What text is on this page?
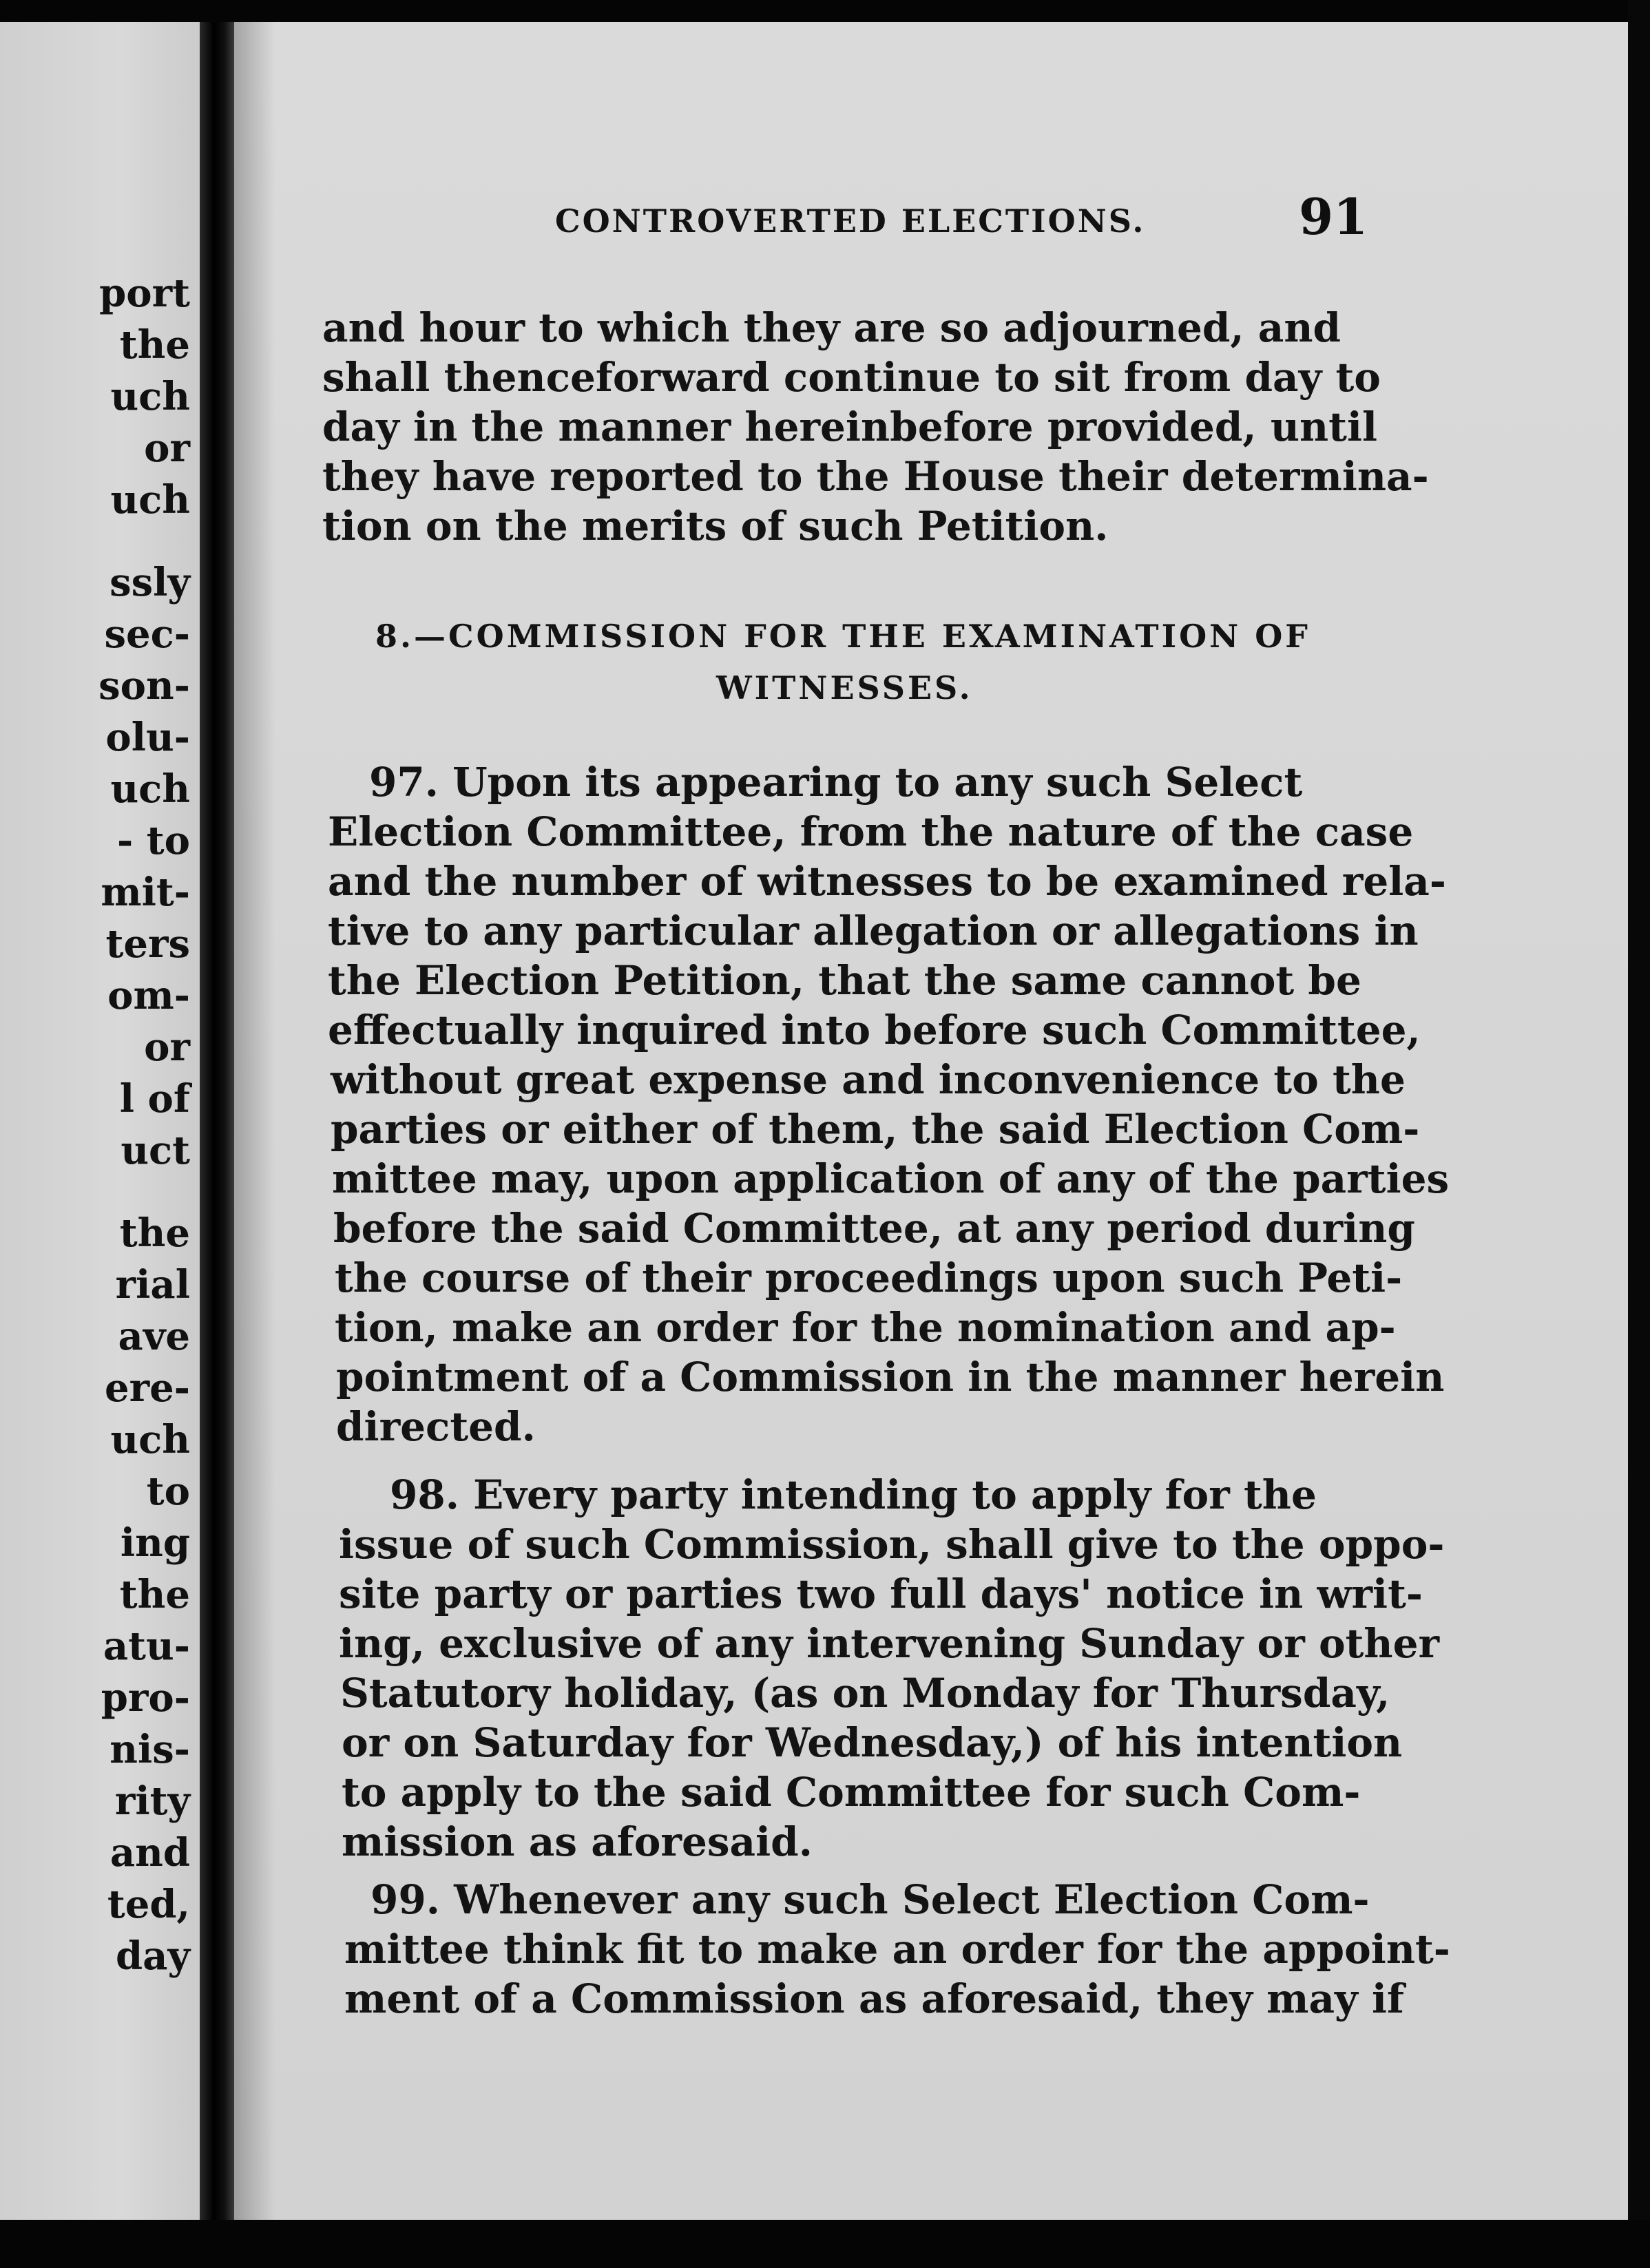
port
the
uch
or
uch
ssly
sec-
son-
olu-
uch
- to
mit-
ters
om-
or
l of
uct
the
rial
ave
ere-
uch
to
ing
the
atu-
pro-
nis-
rity
and
ted,
day
CONTROVERTED ELECTIONS.	91
and hour to which they are so adjourned, and
shall thenceforward continue to sit from day to
day in the manner hereinbefore provided, until
they have reported to the House their determina-
tion on the merits of such Petition.
8.—COMMISSION FOR THE EXAMINATION OF
WITNESSES.
97. Upon its appearing to any such Select
Election Committee, from the nature of the case
and the number of witnesses to be examined rela-
tive to any particular allegation or allegations in
the Election Petition, that the same cannot be
effectually inquired into before such Committee,
without great expense and inconvenience to the
parties or either of them, the said Election Com-
mittee may, upon application of any of the parties
before the said Committee, at any period during
the course of their proceedings upon such Peti-
tion, make an order for the nomination and ap-
pointment of a Commission in the manner herein
directed.
98. Every party intending to apply for the
issue of such Commission, shall give to the oppo-
site party or parties two full days' notice in writ-
ing, exclusive of any intervening Sunday or other
Statutory holiday, (as on Monday for Thursday,
or on Saturday for Wednesday,) of his intention
to apply to the said Committee for such Com-
mission as aforesaid.
99. Whenever any such Select Election Com-
mittee think fit to make an order for the appoint-
ment of a Commission as aforesaid, they may if
